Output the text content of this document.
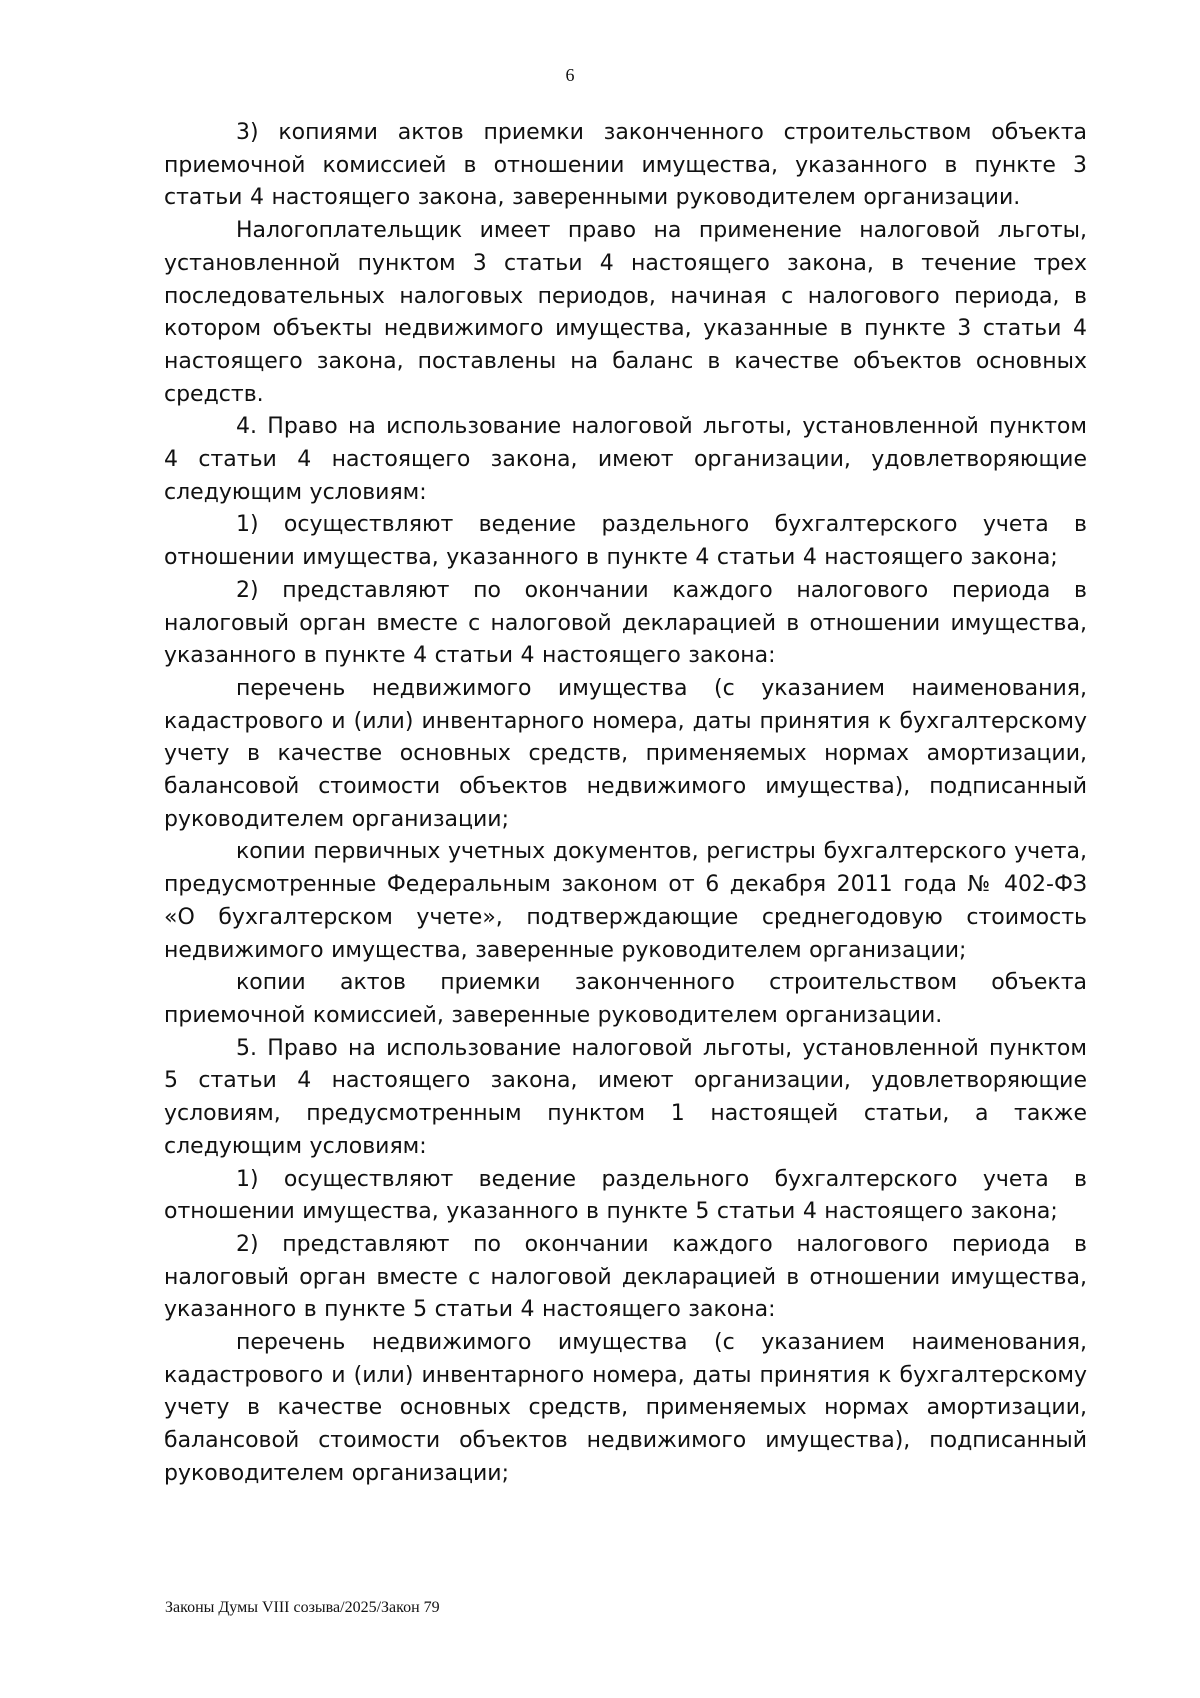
6

3) копиями актов приемки законченного строительством объекта приемочной комиссией в отношении имущества, указанного в пункте 3 статьи 4 настоящего закона, заверенными руководителем организации.

Налогоплательщик имеет право на применение налоговой льготы, установленной пунктом 3 статьи 4 настоящего закона, в течение трех последовательных налоговых периодов, начиная с налогового периода, в котором объекты недвижимого имущества, указанные в пункте 3 статьи 4 настоящего закона, поставлены на баланс в качестве объектов основных средств.

4. Право на использование налоговой льготы, установленной пунктом 4 статьи 4 настоящего закона, имеют организации, удовлетворяющие следующим условиям:

1) осуществляют ведение раздельного бухгалтерского учета в отношении имущества, указанного в пункте 4 статьи 4 настоящего закона;

2) представляют по окончании каждого налогового периода в налоговый орган вместе с налоговой декларацией в отношении имущества, указанного в пункте 4 статьи 4 настоящего закона:

перечень недвижимого имущества (с указанием наименования, кадастрового и (или) инвентарного номера, даты принятия к бухгалтерскому учету в качестве основных средств, применяемых нормах амортизации, балансовой стоимости объектов недвижимого имущества), подписанный руководителем организации;

копии первичных учетных документов, регистры бухгалтерского учета, предусмотренные Федеральным законом от 6 декабря 2011 года № 402-ФЗ «О бухгалтерском учете», подтверждающие среднегодовую стоимость недвижимого имущества, заверенные руководителем организации;

копии актов приемки законченного строительством объекта приемочной комиссией, заверенные руководителем организации.

5. Право на использование налоговой льготы, установленной пунктом 5 статьи 4 настоящего закона, имеют организации, удовлетворяющие условиям, предусмотренным пунктом 1 настоящей статьи, а также следующим условиям:

1) осуществляют ведение раздельного бухгалтерского учета в отношении имущества, указанного в пункте 5 статьи 4 настоящего закона;

2) представляют по окончании каждого налогового периода в налоговый орган вместе с налоговой декларацией в отношении имущества, указанного в пункте 5 статьи 4 настоящего закона:

перечень недвижимого имущества (с указанием наименования, кадастрового и (или) инвентарного номера, даты принятия к бухгалтерскому учету в качестве основных средств, применяемых нормах амортизации, балансовой стоимости объектов недвижимого имущества), подписанный руководителем организации;

Законы Думы VIII созыва/2025/Закон 79
